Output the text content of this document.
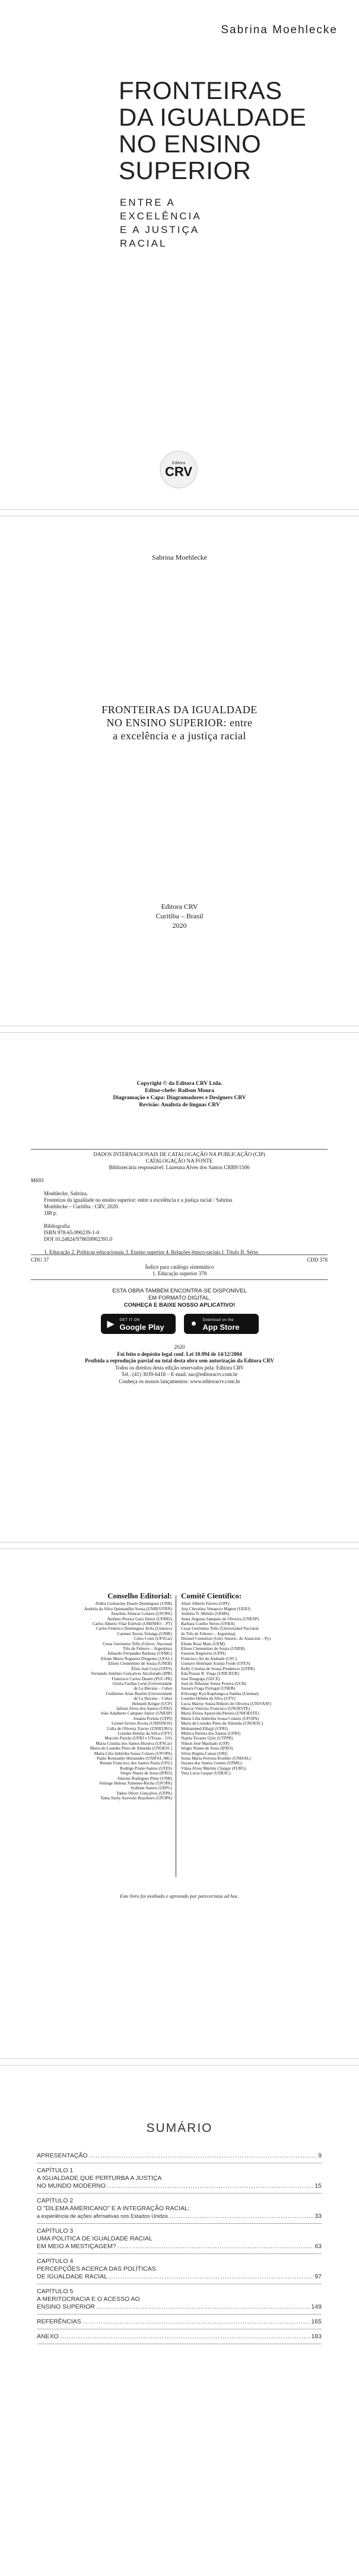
Sabrina Moehlecke
FRONTEIRAS
DA IGUALDADE
NO ENSINO
SUPERIOR
ENTRE A
EXCELÊNCIA
E A JUSTIÇA
RACIAL
Editora
CRV
Sabrina Moehlecke
FRONTEIRAS DA IGUALDADE
NO ENSINO SUPERIOR: entre
a excelência e a justiça racial
Editora CRV
Curitiba – Brasil
2020
Copyright © da Editora CRV Ltda.
Editor-chefe: Railson Moura
Diagramação e Capa: Diagramadores e Designers CRV
Revisão: Analista de línguas CRV
DADOS INTERNACIONAIS DE CATALOGAÇÃO NA PUBLICAÇÃO (CIP)
CATALOGAÇÃO NA FONTE
Bibliotecária responsável: Luzenira Alves dos Santos CRB9/1506
M693
Moehlecke, Sabrina.
Fronteiras da igualdade no ensino superior: entre a excelência e a justiça racial / Sabrina
Moehlecke – Curitiba : CRV, 2020.
188 p.
Bibliografia
ISBN 978-65-990239-1-0
DOI 10.24824/978659902391.0
1. Educação 2. Políticas educacionais 3. Ensino superior 4. Relações étnico-raciais I. Título II. Série.
CDU 37	CDD 378
Índice para catálogo sistemático
1. Educação superior 378
ESTA OBRA TAMBÉM ENCONTRA-SE DISPONÍVEL
EM FORMATO DIGITAL.
CONHEÇA E BAIXE NOSSO APLICATIVO!
▶	GET IT ON
Google Play	●	Download on the
App Store
2020
Foi feito o depósito legal conf. Lei 10.994 de 14/12/2004
Proibida a reprodução parcial ou total desta obra sem autorização da Editora CRV
Todos os direitos desta edição reservados pela: Editora CRV
Tel.: (41) 3039-6418 – E-mail: sac@editoracrv.com.br
Conheça os nossos lançamentos: www.editoracrv.com.br
Conselho Editorial:
Aldira Guimarães Duarte Domínguez (UNB)
Andréia da Silva Quintanilha Sousa (UNIR/UFRN)
Anselmo Alencar Colares (UFOPA)
Antônio Pereira Gaio Júnior (UFRRJ)
Carlos Alberto Vilar Estêvão (UMINHO – PT)
Carlos Federico Dominguez Avila (Unieuro)
Carmen Tereza Velanga (UNIR)
Celso Conti (UFSCar)
Cesar Gerónimo Tello (Univer. Nacional
Três de Febrero – Argentina)
Eduardo Fernandes Barbosa (UFMG)
Elione Maria Nogueira Diogenes (UFAL)
Elizeu Clementino de Souza (UNEB)
Élsio José Corá (UFFS)
Fernando Antônio Gonçalves Alcoforado (IPB)
Francisco Carlos Duarte (PUC-PR)
Gloria Fariñas León (Universidade
de La Havana – Cuba)
Guillermo Arias Beatón (Universidade
de La Havana – Cuba)
Helmuth Krüger (UCP)
Jailson Alves dos Santos (UFRJ)
João Adalberto Campato Junior (UNESP)
Josania Portela (UFPI)
Leonel Severo Rocha (UNISINOS)
Lídia de Oliveira Xavier (UNIEURO)
Lourdes Helena da Silva (UFV)
Marcelo Paixão (UFRJ e UTexas – US)
Maria Cristina dos Santos Bezerra (UFSCar)
Maria de Lourdes Pinto de Almeida (UNOESC)
Maria Lília Imbiriba Sousa Colares (UFOPA)
Paulo Romualdo Hernandes (UNIFAL-MG)
Renato Francisco dos Santos Paula (UFG)
Rodrigo Pratte-Santos (UFES)
Sérgio Nunes de Jesus (IFRO)
Simone Rodrigues Pinto (UNB)
Solange Helena Ximenes-Rocha (UFOPA)
Sydione Santos (UEPG)
Tadeu Oliver Gonçalves (UFPA)
Tania Suely Azevedo Brasileiro (UFOPA)
Comitê Científico:
Altair Alberto Fávero (UPF)
Ana Chrystina Venancio Mignot (UERJ)
Andréia N. Militão (UEMS)
Anna Augusta Sampaio de Oliveira (UNESP)
Barbara Coelho Neves (UFBA)
Cesar Gerónimo Tello (Universidad Nacional
de Três de Febrero – Argentina)
Diosnel Centurion (Univ Americ. de Asunción – Py)
Eliane Rose Maio (UEM)
Elizeu Clementino de Souza (UNEB)
Fauston Negreiros (UFPI)
Francisco Ari de Andrade (UFC)
Gustavo Henrique Araújo Forde (UFES)
Kelly Cristina de Souza Prudencio (UFPR)
Eda Possas R. Viega (UNICRUR)
José Dusgogu (UECE)
José de Ribamar Sousa Pereira (UCB)
Jussara Fraga Portugal (UNEB)
Kilwangy Kya Kapitango-a-Samba (Unemat)
Lourdes Helena da Silva (UFV)
Lucia Marisy Souza Ribeiro de Oliveira (UNIVASF)
Marcos Vinicius Francisco (UNOESTE)
Maria Eloisa Aparecida Pereira (UNIOESTE)
Maria Lília Imbiriba Sousa Colares (UFOPA)
Maria de Lourdes Pinto de Almeida (UNOESC)
Mohammed Elhajji (UFRJ)
Mônica Pereira dos Santos (UFRJ)
Najela Tavares Ujiie (UTFPR)
Nilson José Machado (USP)
Sérgio Nunes de Jesus (IFRO)
Silvia Regina Canan (URI)
Sonia Maria Ferreira Koehler (UNISAL)
Suzana dos Santos Gomes (UFMG)
Vânia Alves Martins Chaigar (FURG)
Vera Lucia Gaspar (UDESC)
Este livro foi avaliado e aprovado por pareceristas ad hoc.
SUMÁRIO
APRESENTAÇÃO .....	9
CAPÍTULO 1
A IGUALDADE QUE PERTURBA A JUSTIÇA
NO MUNDO MODERNO .....	15
CAPÍTULO 2
O "DILEMA AMERICANO" E A INTEGRAÇÃO RACIAL:
a experiência de ações afirmativas nos Estados Unidos .....	33
CAPÍTULO 3
UMA POLÍTICA DE IGUALDADE RACIAL
EM MEIO A MESTIÇAGEM? .....	63
CAPÍTULO 4
PERCEPÇÕES ACERCA DAS POLÍTICAS
DE IGUALDADE RACIAL .....	97
CAPÍTULO 5
A MERITOCRACIA E O ACESSO AO
ENSINO SUPERIOR .....	149
REFERÊNCIAS .....	165
ANEXO .....	183
